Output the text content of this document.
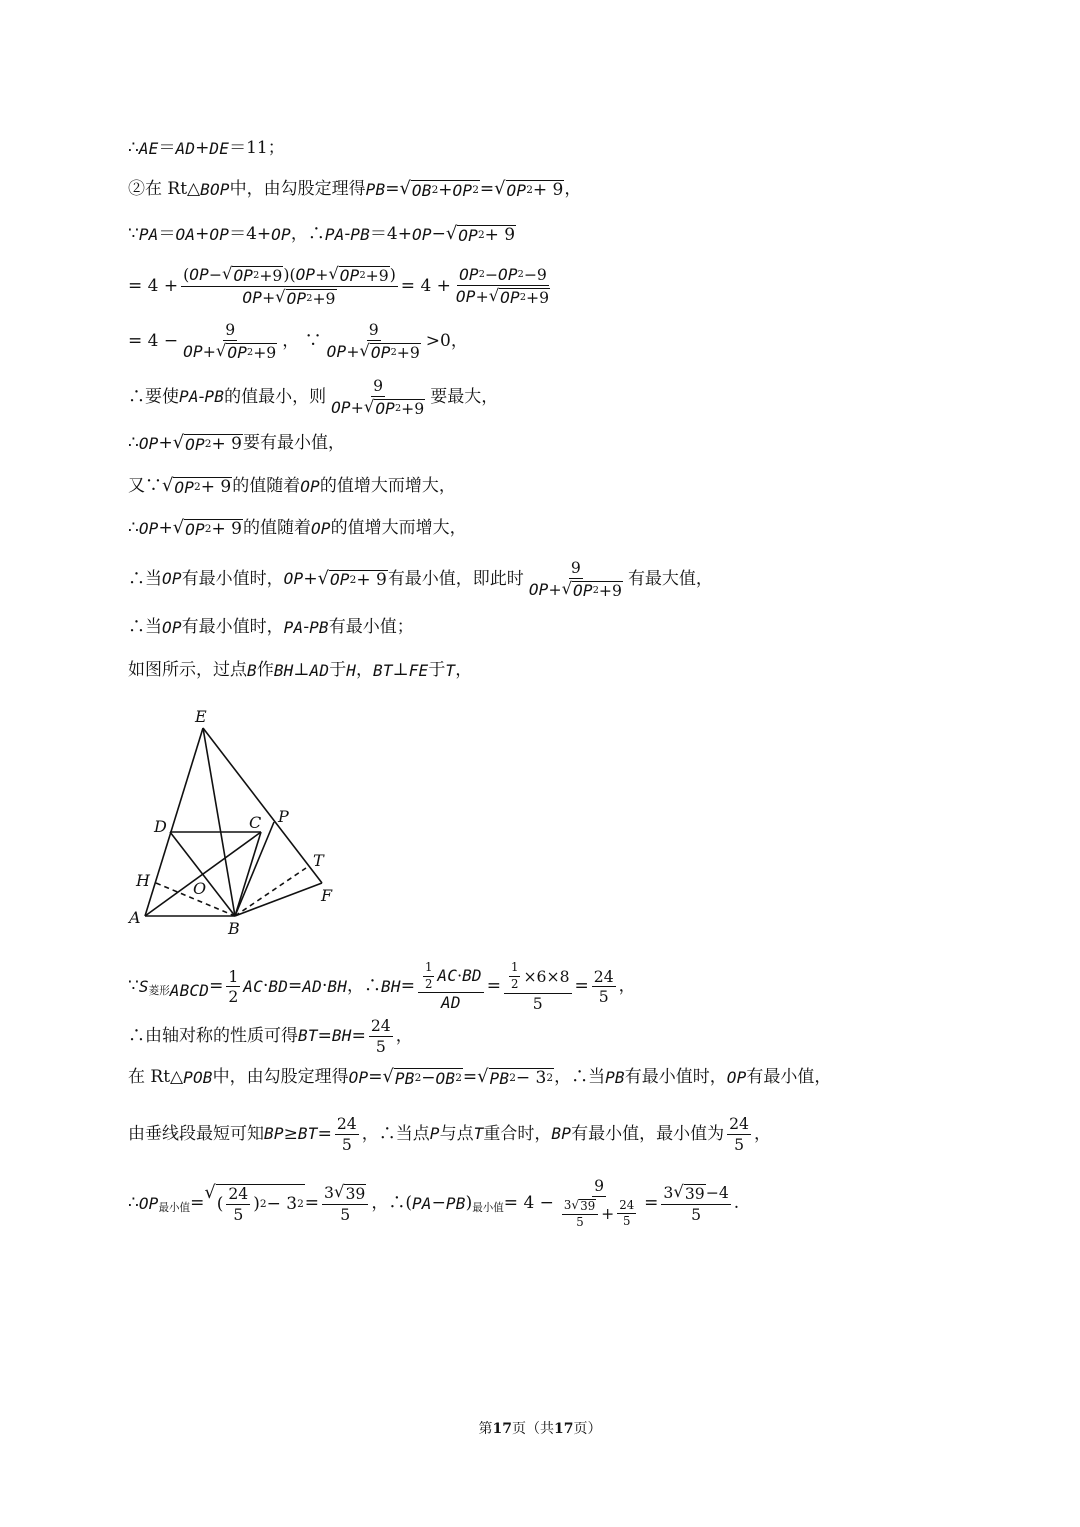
∴ AE ＝ AD + DE ＝11；
②在 Rt△ BOP 中，由勾股定理得 PB = √ OB 2 + OP 2 = √ OP 2 + 9 ，
∵ PA ＝ OA + OP ＝4+ OP ，∴ PA - PB ＝4+ OP − √ OP 2 + 9
= $4 + \frac{( OP - √ OP 2 +9 )( OP + √ OP 2 +9 )}{OP + √ OP 2 +9} = 4 + \frac{OP 2 - OP 2 -9}{OP + √ OP 2 +9}$
= $4 - \frac{9}{OP + √ OP 2 +9}$ ， ∵ $\frac{9}{OP + √ OP 2 +9} >0$，
∴要使 PA - PB 的值最小，则 $\frac{9}{OP + √ OP 2 +9}$ 要最大，
∴ OP + √ OP 2 + 9 要有最小值，
又∵ √ OP 2 + 9 的值随着 OP 的值增大而增大，
∴ OP + √ OP 2 + 9 的值随着 OP 的值增大而增大，
∴当 OP 有最小值时， OP + √ OP 2 + 9 有最小值，即此时 $\frac{9}{OP + √ OP 2 +9}$ 有最大值，
∴当 OP 有最小值时， PA - PB 有最小值；
如图所示，过点 B 作 BH ⊥ AD 于 H ， BT ⊥ FE 于 T ，
∵ S 菱形 ABCD = $\frac{1}{2}$ AC · BD = AD · BH ，∴ BH = $\frac{\frac{1}{2} AC \cdot BD}{AD} = \frac{\frac{1}{2} \times 6\times 8}{5} = \frac{24}{5}$ ，
∴由轴对称的性质可得 BT = BH = $\frac{24}{5}$ ，
在 Rt△ POB 中，由勾股定理得 OP = √ PB 2 − OB 2 = √ PB 2 − 3 2 ，∴当 PB 有最小值时， OP 有最小值，
由垂线段最短可知 BP ≥ BT = $\frac{24}{5}$ ，∴当点 P 与点 T 重合时， BP 有最小值，最小值为 $\frac{24}{5}$ ，
∴ OP 最小值 = √
( $\frac{24}{5}$ ) 2 − 3 $2 = \frac{3 √ 39}{5}$ ，∴( PA − PB ) 最小值 = $4 - \frac{9}{\frac{3 √ 39}{5} + \frac{24}{5}} = \frac{3 √ 39 -4}{5}$ .
E
D	C P
T
H	O	F
A
B
第17页（共17页）
